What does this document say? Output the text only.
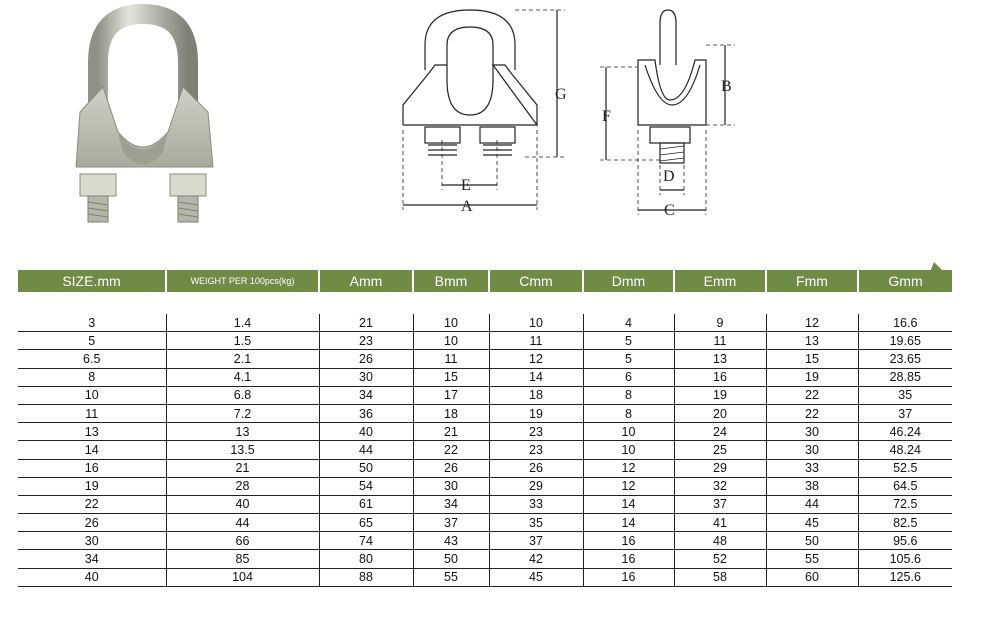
E
A
G
F
B
D
C
SIZE.mm	WEIGHT PER 100pcs(kg)	Amm	Bmm	Cmm	Dmm	Emm	Fmm	Gmm

3	1.4	21	10	10	4	9	12	16.6
5	1.5	23	10	11	5	11	13	19.65
6.5	2.1	26	11	12	5	13	15	23.65
8	4.1	30	15	14	6	16	19	28.85
10	6.8	34	17	18	8	19	22	35
11	7.2	36	18	19	8	20	22	37
13	13	40	21	23	10	24	30	46.24
14	13.5	44	22	23	10	25	30	48.24
16	21	50	26	26	12	29	33	52.5
19	28	54	30	29	12	32	38	64.5
22	40	61	34	33	14	37	44	72.5
26	44	65	37	35	14	41	45	82.5
30	66	74	43	37	16	48	50	95.6
34	85	80	50	42	16	52	55	105.6
40	104	88	55	45	16	58	60	125.6
